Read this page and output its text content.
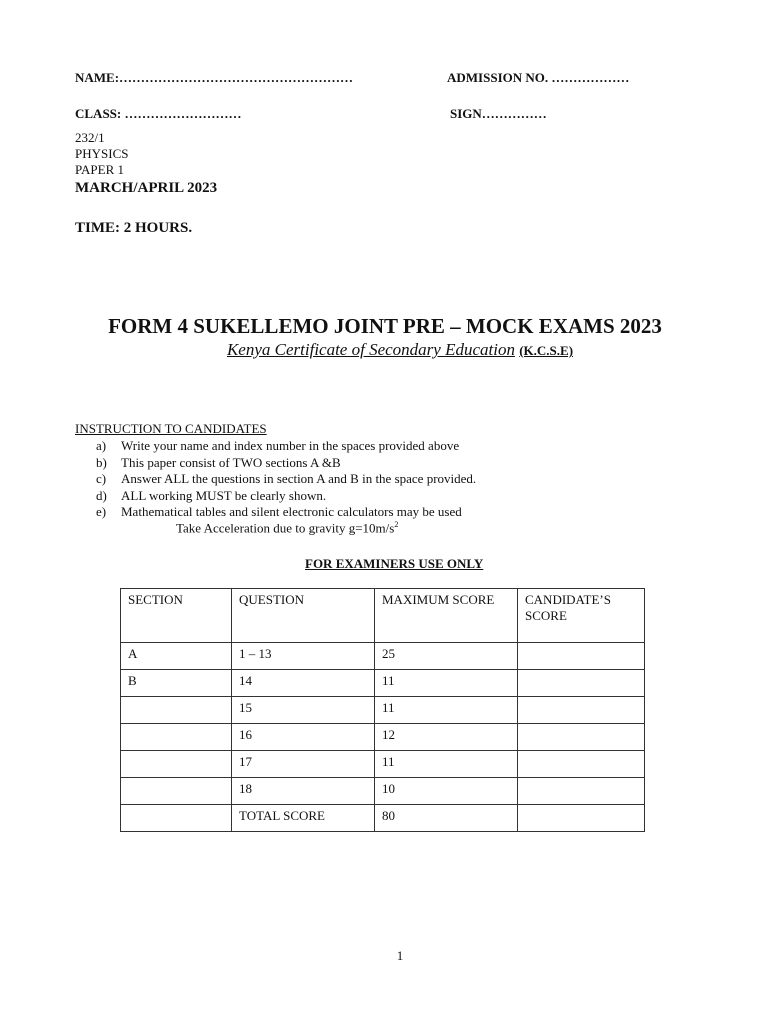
NAME:………………………………………………	ADMISSION NO. ………………
CLASS: ………………………	SIGN……………
232/1
PHYSICS
PAPER 1
MARCH/APRIL 2023
TIME: 2 HOURS.
FORM 4 SUKELLEMO JOINT PRE – MOCK EXAMS 2023
Kenya Certificate of Secondary Education (K.C.S.E)
INSTRUCTION TO CANDIDATES
a) Write your name and index number in the spaces provided above
b) This paper consist of TWO sections A &B
c) Answer ALL the questions in section A and B in the space provided.
d) ALL working MUST be clearly shown.
e) Mathematical tables and silent electronic calculators may be used
Take Acceleration due to gravity $g=10m/s^2$
FOR EXAMINERS USE ONLY
SECTION	QUESTION	MAXIMUM SCORE	CANDIDATE’S SCORE
A	1 – 13	25	
B	14	11	
	15	11	
	16	12	
	17	11	
	18	10	
	TOTAL SCORE	80	
1
